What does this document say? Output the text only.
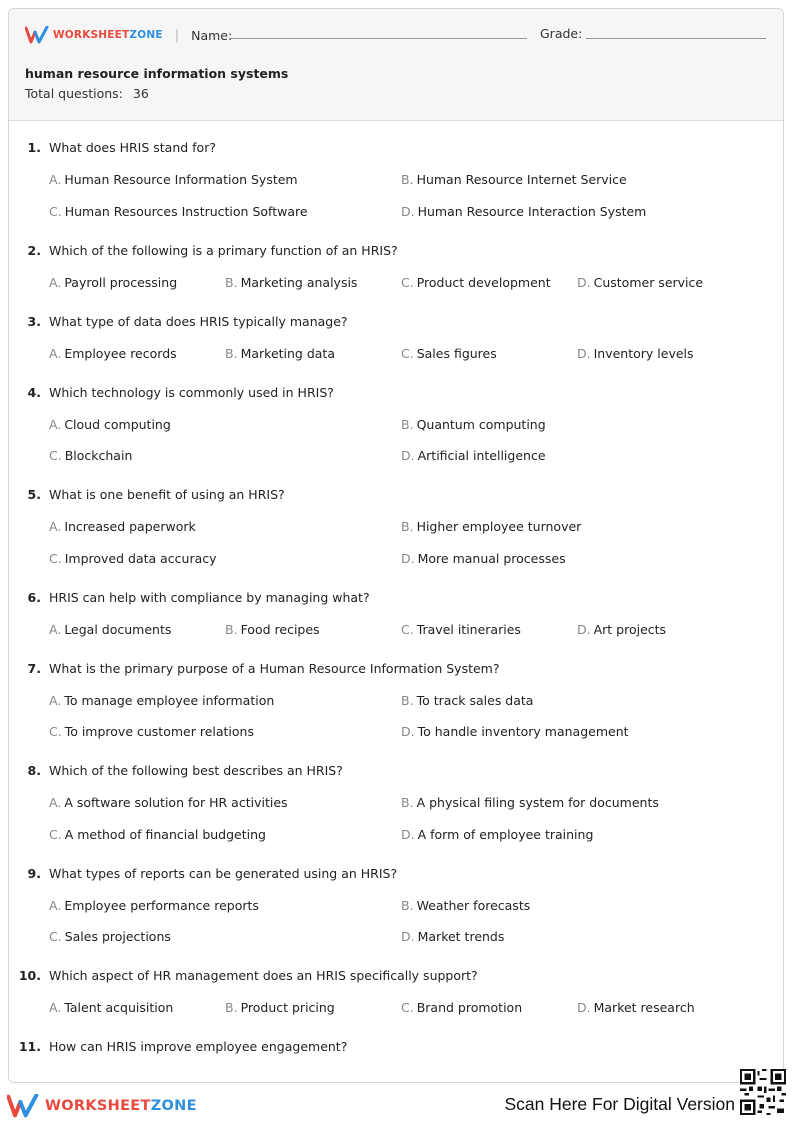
WORKSHEETZONE | Name:	Grade:
human resource information systems
Total questions: 36
1. What does HRIS stand for?
A. Human Resource Information System	B. Human Resource Internet Service
C. Human Resources Instruction Software	D. Human Resource Interaction System
2. Which of the following is a primary function of an HRIS?
A. Payroll processing	B. Marketing analysis	C. Product development D. Customer service
3. What type of data does HRIS typically manage?
A. Employee records	B. Marketing data	C. Sales figures	D. Inventory levels
4. Which technology is commonly used in HRIS?
A. Cloud computing	B. Quantum computing
C. Blockchain	D. Artificial intelligence
5. What is one benefit of using an HRIS?
A. Increased paperwork	B. Higher employee turnover
C. Improved data accuracy	D. More manual processes
6. HRIS can help with compliance by managing what?
A. Legal documents	B. Food recipes	C. Travel itineraries	D. Art projects
7. What is the primary purpose of a Human Resource Information System?
A. To manage employee information	B. To track sales data
C. To improve customer relations	D. To handle inventory management
8. Which of the following best describes an HRIS?
A. A software solution for HR activities	B. A physical filing system for documents
C. A method of financial budgeting	D. A form of employee training
9. What types of reports can be generated using an HRIS?
A. Employee performance reports	B. Weather forecasts
C. Sales projections	D. Market trends
10. Which aspect of HR management does an HRIS specifically support?
A. Talent acquisition	B. Product pricing	C. Brand promotion	D. Market research
11. How can HRIS improve employee engagement?
WORKSHEETZONE	Scan Here For Digital Version
